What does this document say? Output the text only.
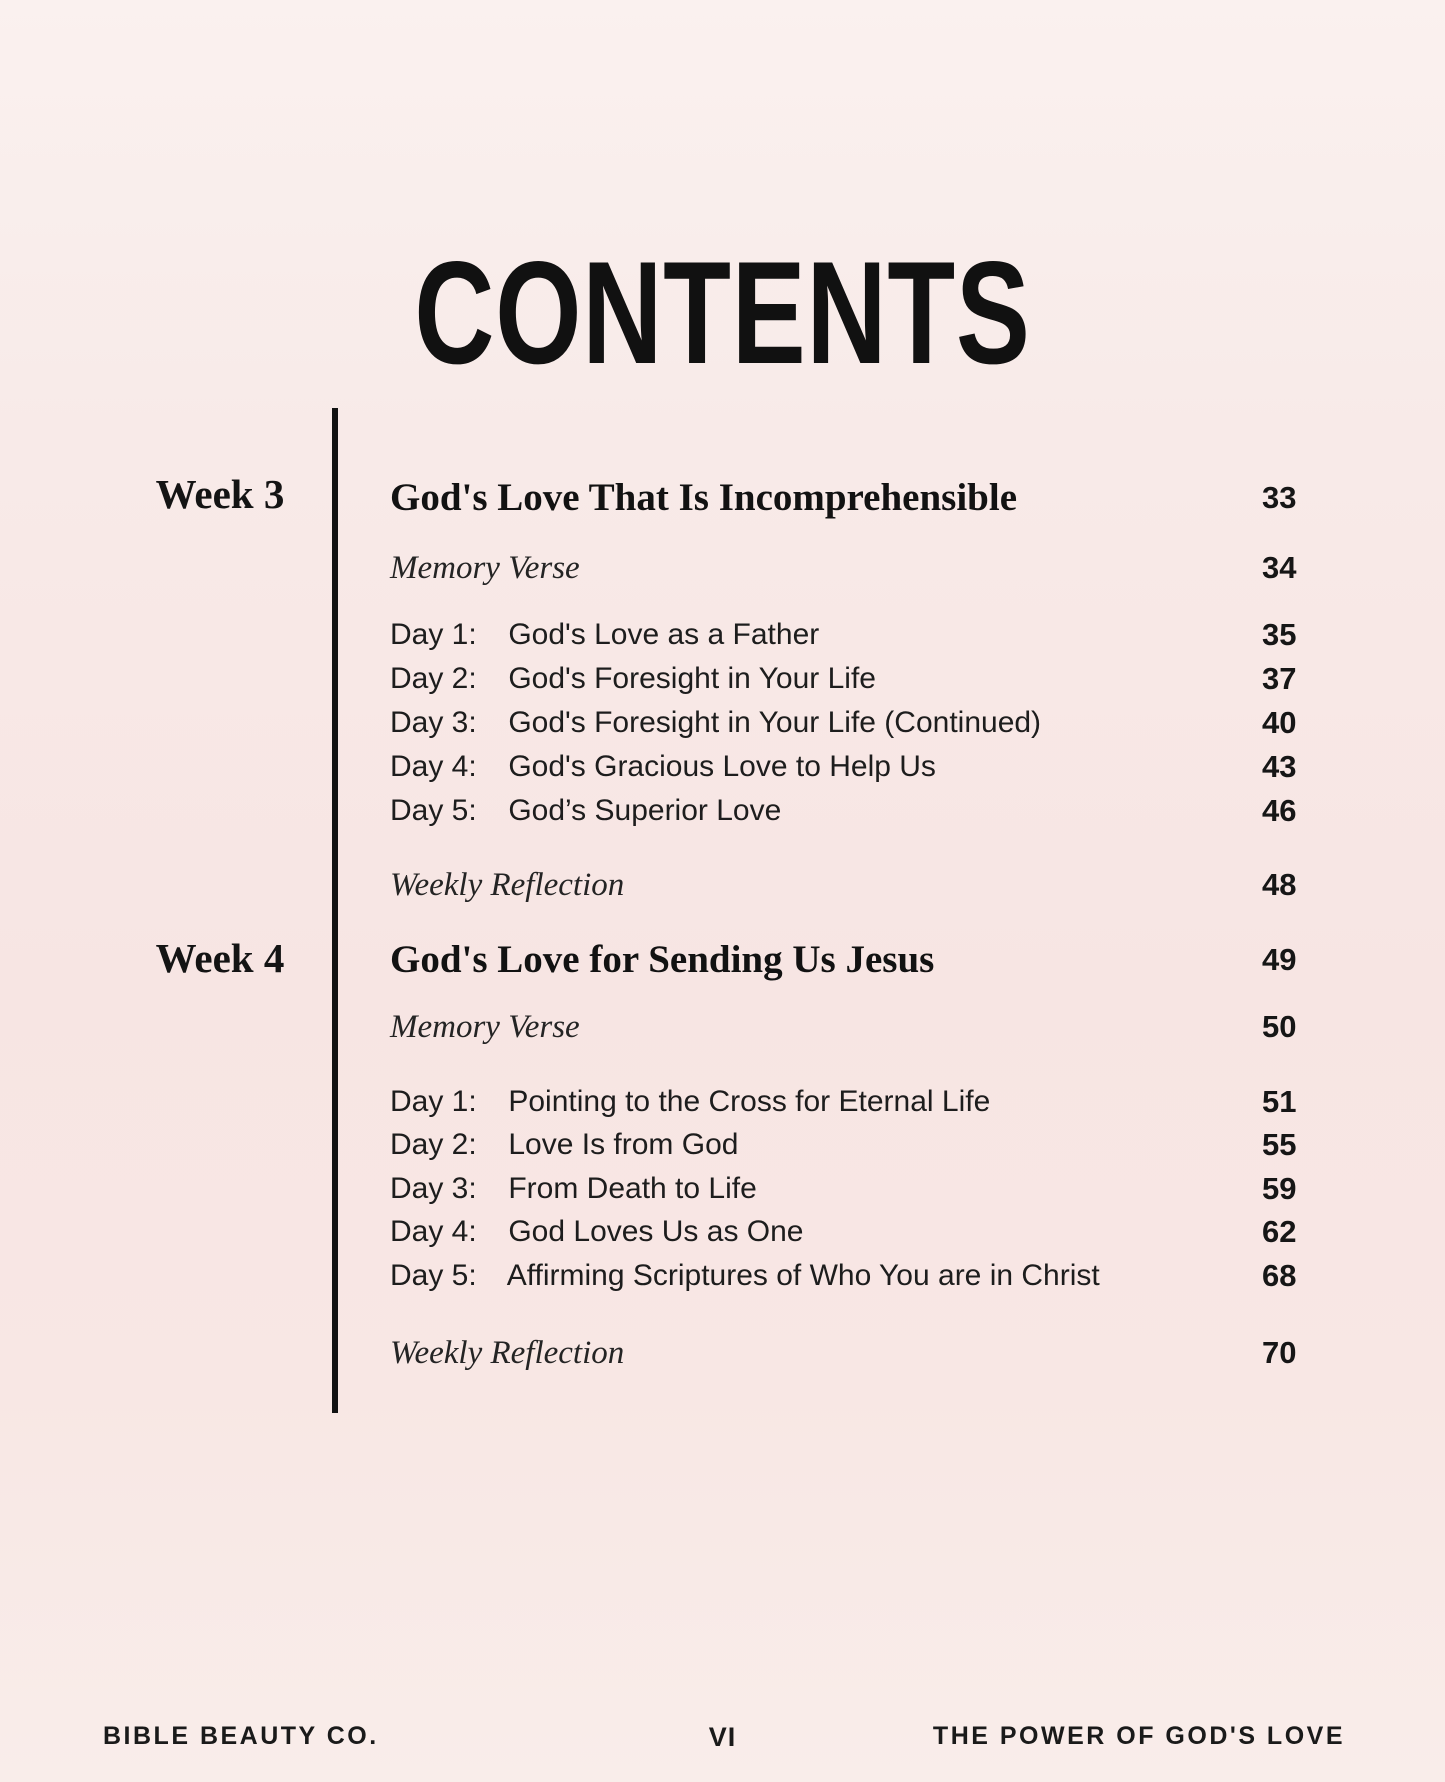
CONTENTS
Week 3	God's Love That Is Incomprehensible	33
Memory Verse	34
Day 1: God's Love as a Father	35
Day 2: God's Foresight in Your Life	37
Day 3: God's Foresight in Your Life (Continued)	40
Day 4: God's Gracious Love to Help Us	43
Day 5: God’s Superior Love	46
Weekly Reflection	48
Week 4	God's Love for Sending Us Jesus	49
Memory Verse	50
Day 1: Pointing to the Cross for Eternal Life	51
Day 2: Love Is from God	55
Day 3: From Death to Life	59
Day 4: God Loves Us as One	62
Day 5: Affirming Scriptures of Who You are in Christ	68
Weekly Reflection	70
BIBLE BEAUTY CO.	VI	THE POWER OF GOD'S LOVE
